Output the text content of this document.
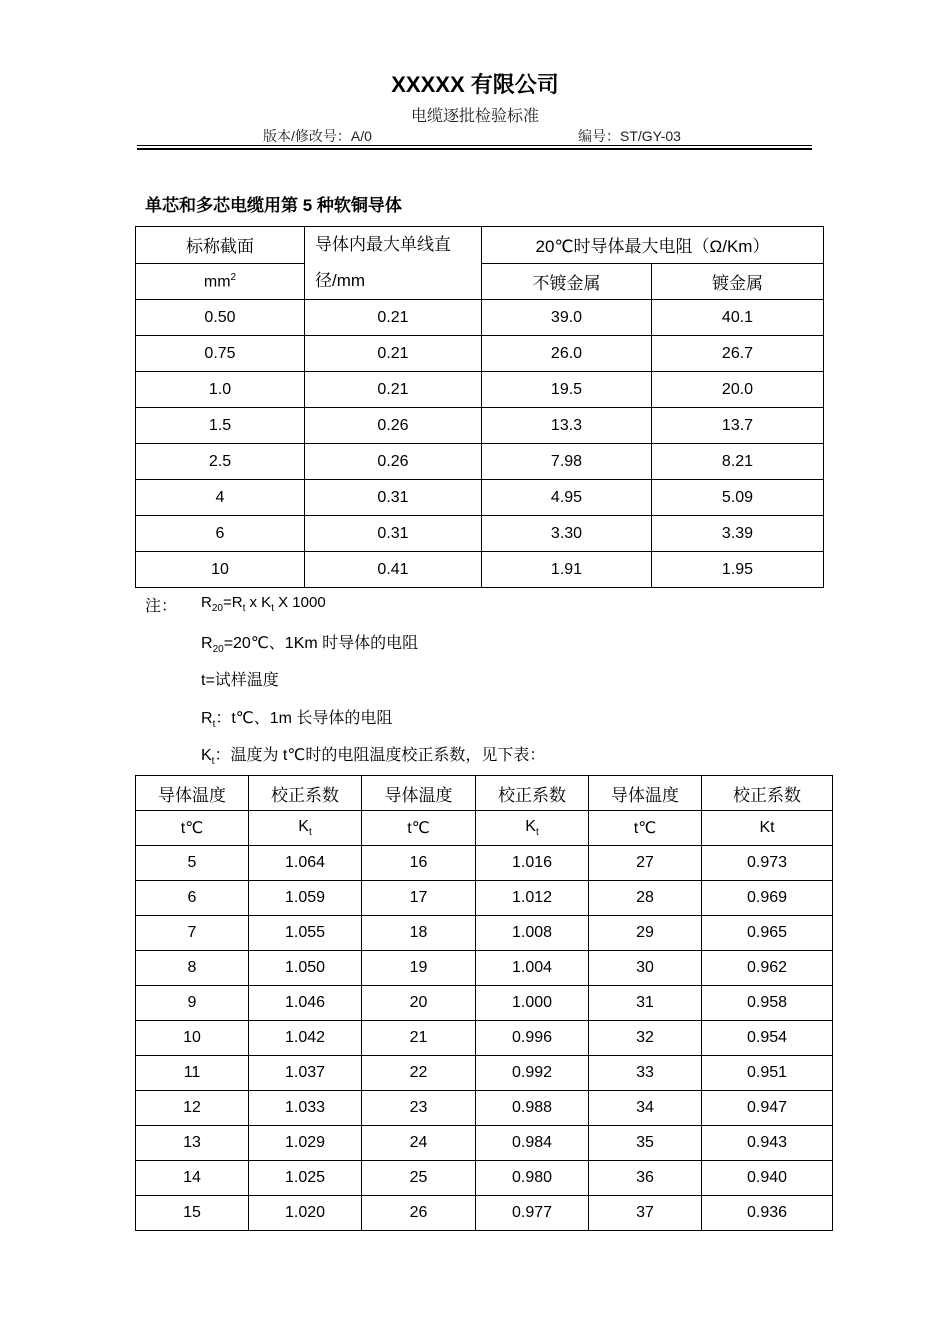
XXXXX 有限公司
电缆逐批检验标准
版本/修改号：A/0	编号：ST/GY-03
单芯和多芯电缆用第 5 种软铜导体
标称截面	导体内最大单线直径/mm	20℃时导体最大电阻（Ω/Km）	
$mm^2$		不镀金属	镀金属
0.50	0.21	39.0	40.1
0.75	0.21	26.0	26.7
1.0	0.21	19.5	20.0
1.5	0.26	13.3	13.7
2.5	0.26	7.98	8.21
4	0.31	4.95	5.09
6	0.31	3.30	3.39
10	0.41	1.91	1.95
注： $R_{20}=R_t$ x $K_t$ X 1000
$R_{20}=20℃$、1Km 时导体的电阻
t=试样温度
$R_t$：t℃、1m 长导体的电阻
$K_t$：温度为 t℃时的电阻温度校正系数，见下表：
导体温度	校正系数	导体温度	校正系数	导体温度	校正系数
t℃	$K_t$	t℃	$K_t$	t℃	Kt
5	1.064	16	1.016	27	0.973
6	1.059	17	1.012	28	0.969
7	1.055	18	1.008	29	0.965
8	1.050	19	1.004	30	0.962
9	1.046	20	1.000	31	0.958
10	1.042	21	0.996	32	0.954
11	1.037	22	0.992	33	0.951
12	1.033	23	0.988	34	0.947
13	1.029	24	0.984	35	0.943
14	1.025	25	0.980	36	0.940
15	1.020	26	0.977	37	0.936
